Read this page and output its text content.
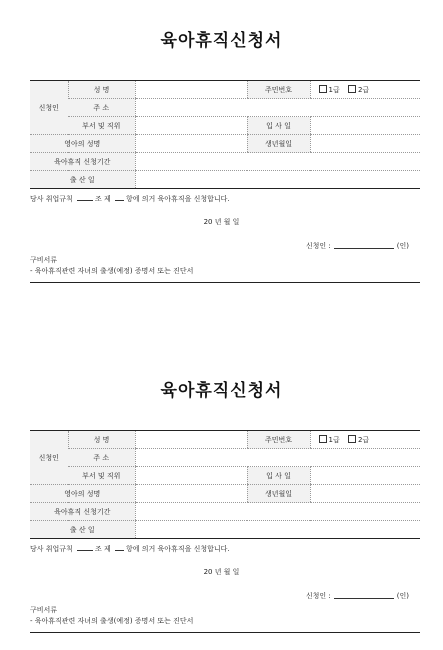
육아휴직신청서
신청인	성 명		주민번호	1급 2급
	주 소			
	부서 및 직위		입 사 일	
영아의 성명			생년월일	
육아휴직 신청기간				
출 산 일				
당사 취업규칙	조 제 항에 의거 육아휴직을 신청합니다.
20 년 월 일
신청인 :	(인)
구비서류
- 육아휴직관련 자녀의 출생(예정) 증명서 또는 진단서
육아휴직신청서
신청인	성 명		주민번호	1급 2급
	주 소			
	부서 및 직위		입 사 일	
영아의 성명			생년월일	
육아휴직 신청기간				
출 산 일				
당사 취업규칙	조 제 항에 의거 육아휴직을 신청합니다.
20 년 월 일
신청인 :	(인)
구비서류
- 육아휴직관련 자녀의 출생(예정) 증명서 또는 진단서
